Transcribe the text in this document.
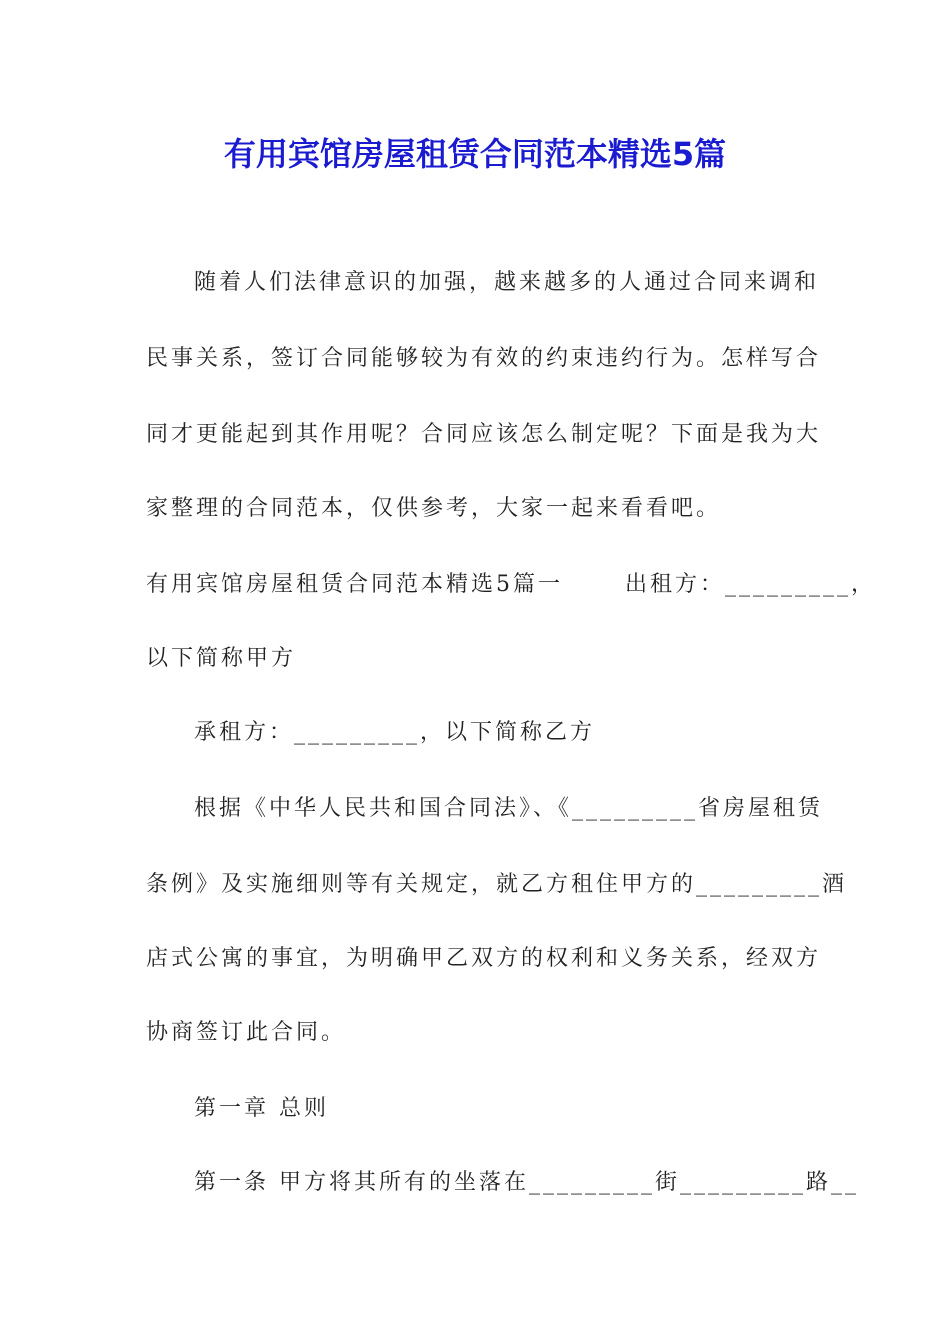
有用宾馆房屋租赁合同范本精选5篇
随着人们法律意识的加强，越来越多的人通过合同来调和
民事关系，签订合同能够较为有效的约束违约行为。怎样写合
同才更能起到其作用呢？合同应该怎么制定呢？下面是我为大
家整理的合同范本，仅供参考，大家一起来看看吧。
有用宾馆房屋租赁合同范本精选5篇一	出租方：_________，
以下简称甲方
承租方：_________，以下简称乙方
根据《中华人民共和国合同法》、《_________省房屋租赁
条例》及实施细则等有关规定，就乙方租住甲方的_________酒
店式公寓的事宜，为明确甲乙双方的权利和义务关系，经双方
协商签订此合同。
第一章 总则
第一条 甲方将其所有的坐落在_________街_________路__
